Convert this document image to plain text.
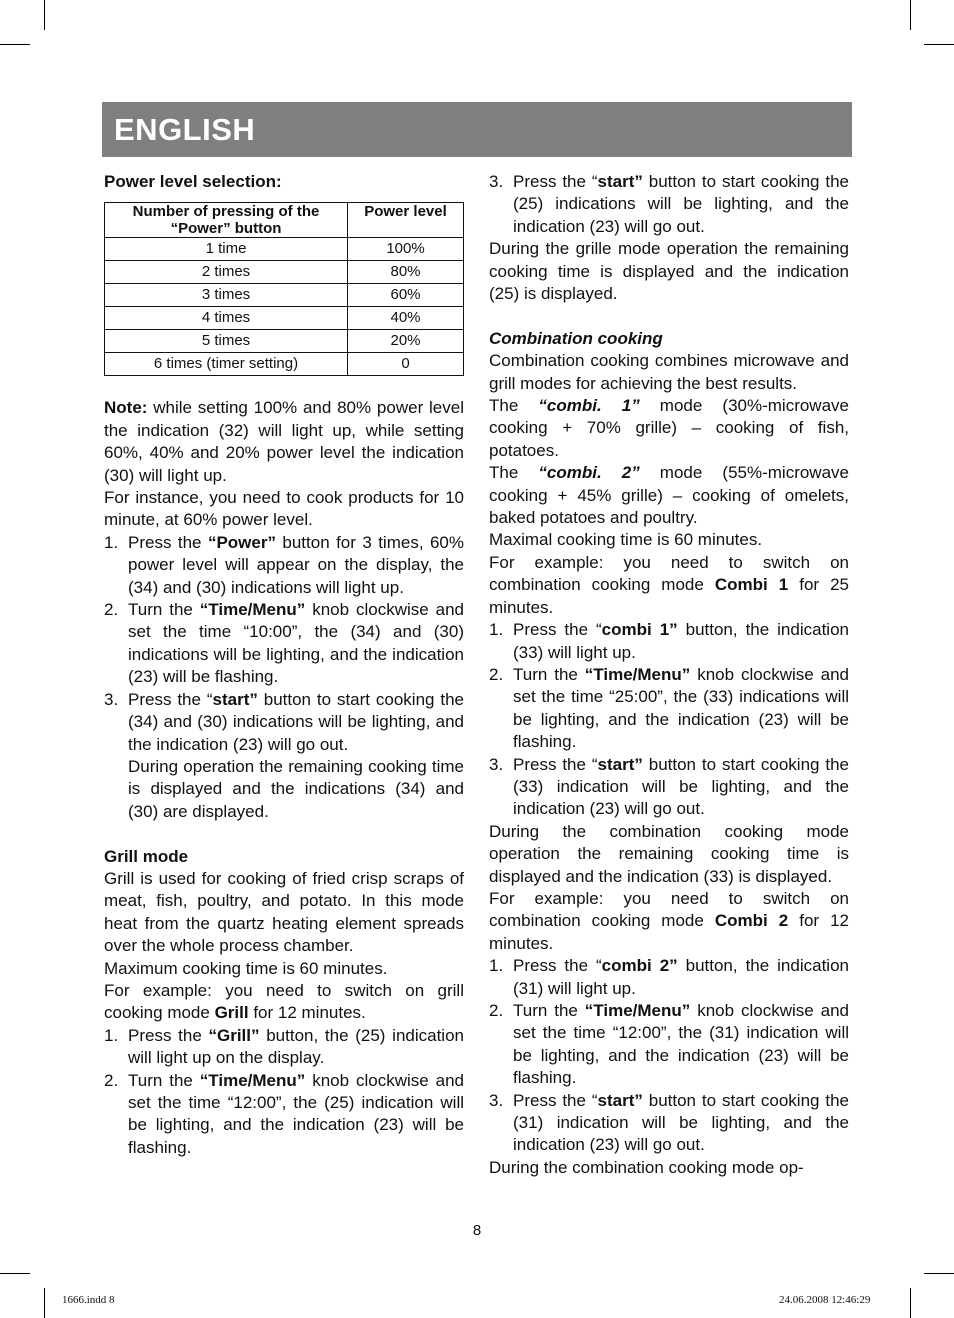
ENGLISH

Power level selection:

Number of pressing of the “Power” button	Power level
1 time	100%
2 times	80%
3 times	60%
4 times	40%
5 times	20%
6 times (timer setting)	0

Note: while setting 100% and 80% power level the indication (32) will light up, while setting 60%, 40% and 20% power level the indication (30) will light up.

For instance, you need to cook products for 10 minute, at 60% power level.

1. Press the “Power” button for 3 times, 60% power level will appear on the display, the (34) and (30) indications will light up.
2. Turn the “Time/Menu” knob clockwise and set the time “10:00”, the (34) and (30) indications will be lighting, and the indication (23) will be flashing.
3. Press the “start” button to start cooking the (34) and (30) indications will be lighting, and the indication (23) will go out.
During operation the remaining cooking time is displayed and the indications (34) and (30) are displayed.

Grill mode

Grill is used for cooking of fried crisp scraps of meat, fish, poultry, and potato. In this mode heat from the quartz heating element spreads over the whole process chamber.

Maximum cooking time is 60 minutes.

For example: you need to switch on grill cooking mode Grill for 12 minutes.

1. Press the “Grill” button, the (25) indication will light up on the display.
2. Turn the “Time/Menu” knob clockwise and set the time “12:00”, the (25) indication will be lighting, and the indication (23) will be flashing.
3. Press the “start” button to start cooking the (25) indications will be lighting, and the indication (23) will go out.

During the grille mode operation the remaining cooking time is displayed and the indication (25) is displayed.

Combination cooking

Combination cooking combines microwave and grill modes for achieving the best results.

The “combi. 1” mode (30%-microwave cooking + 70% grille) – cooking of fish, potatoes.

The “combi. 2” mode (55%-microwave cooking + 45% grille) – cooking of omelets, baked potatoes and poultry.

Maximal cooking time is 60 minutes.

For example: you need to switch on combination cooking mode Combi 1 for 25 minutes.

1. Press the “combi 1” button, the indication (33) will light up.
2. Turn the “Time/Menu” knob clockwise and set the time “25:00”, the (33) indications will be lighting, and the indication (23) will be flashing.
3. Press the “start” button to start cooking the (33) indication will be lighting, and the indication (23) will go out.

During the combination cooking mode operation the remaining cooking time is displayed and the indication (33) is displayed.

For example: you need to switch on combination cooking mode Combi 2 for 12 minutes.

1. Press the “combi 2” button, the indication (31) will light up.
2. Turn the “Time/Menu” knob clockwise and set the time “12:00”, the (31) indication will be lighting, and the indication (23) will be flashing.
3. Press the “start” button to start cooking the (31) indication will be lighting, and the indication (23) will go out.

During the combination cooking mode op-

8
1666.indd 8	24.06.2008 12:46:29
